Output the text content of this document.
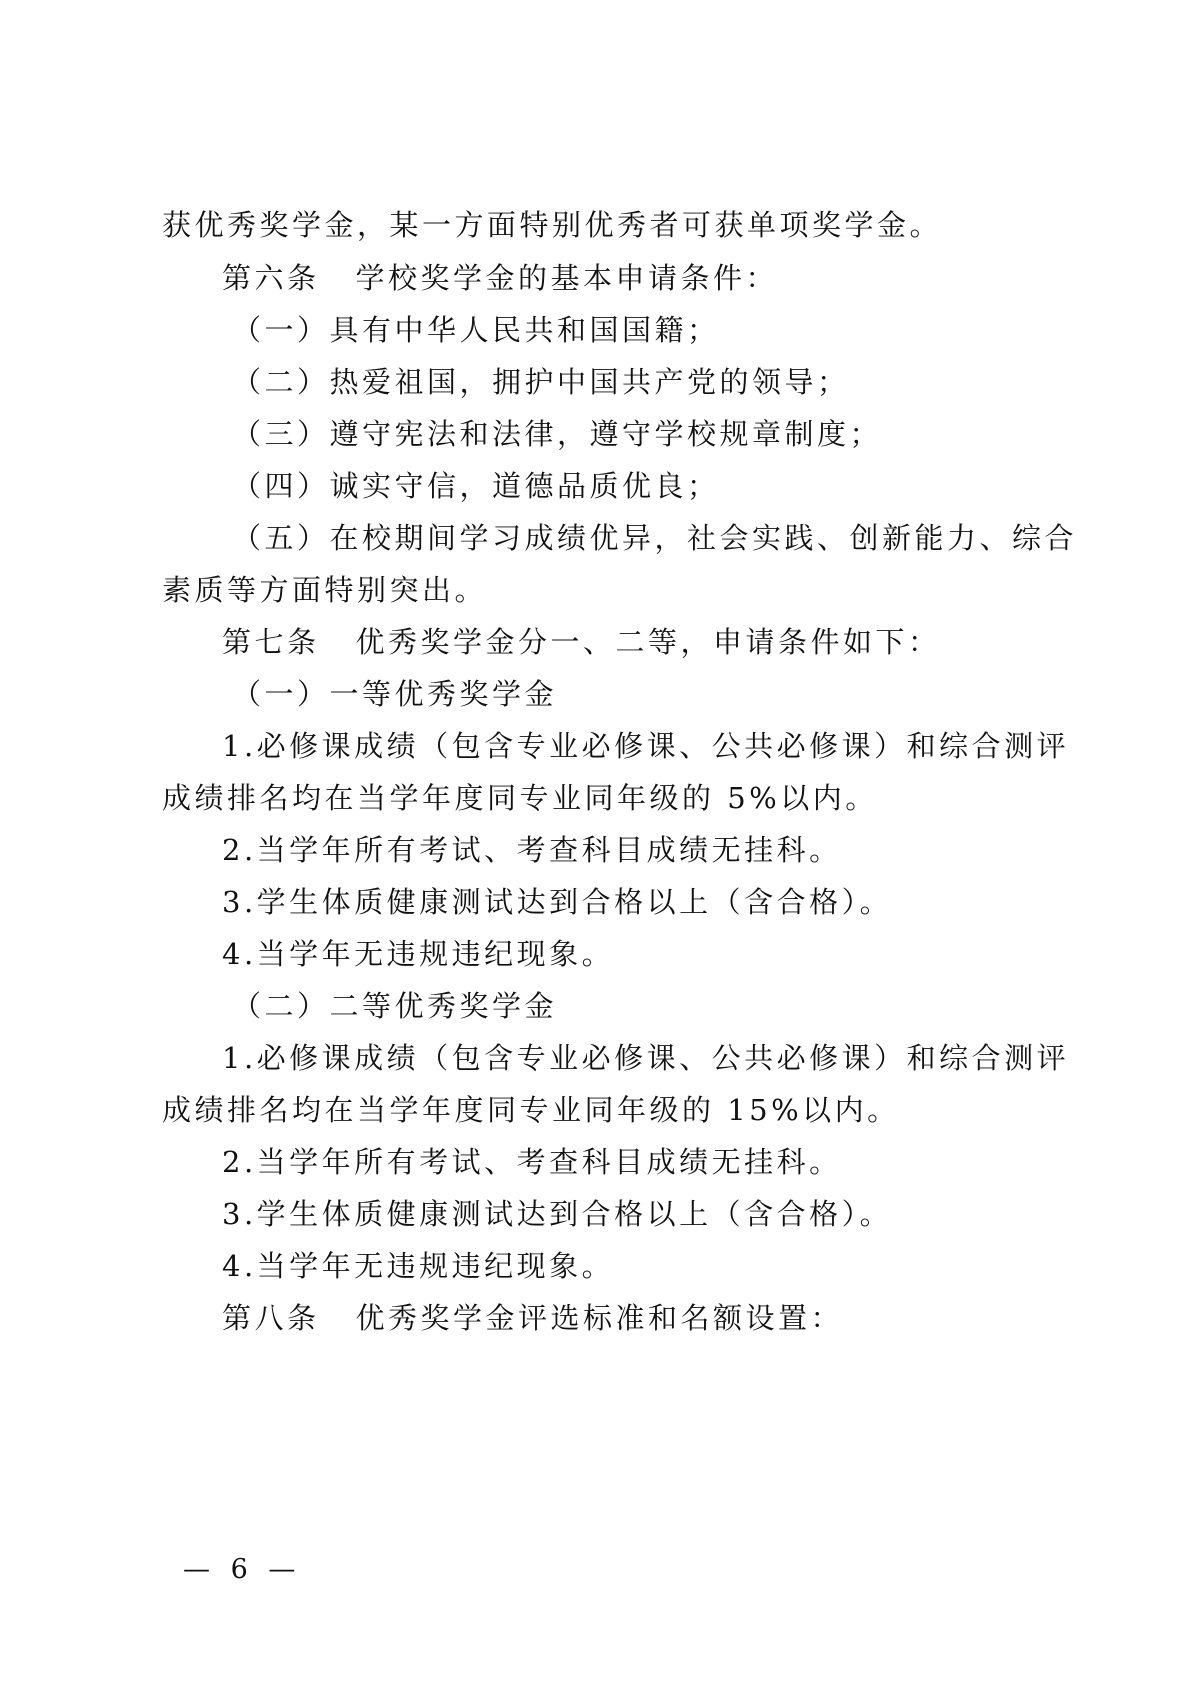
获优秀奖学金，某一方面特别优秀者可获单项奖学金。
第六条 学校奖学金的基本申请条件：
（一）具有中华人民共和国国籍；
（二）热爱祖国，拥护中国共产党的领导；
（三）遵守宪法和法律，遵守学校规章制度；
（四）诚实守信，道德品质优良；
（五）在校期间学习成绩优异，社会实践、创新能力、综合
素质等方面特别突出。
第七条 优秀奖学金分一、二等，申请条件如下：
（一）一等优秀奖学金
1.必修课成绩（包含专业必修课、公共必修课）和综合测评
成绩排名均在当学年度同专业同年级的 5%以内。
2.当学年所有考试、考查科目成绩无挂科。
3.学生体质健康测试达到合格以上（含合格）。
4.当学年无违规违纪现象。
（二）二等优秀奖学金
1.必修课成绩（包含专业必修课、公共必修课）和综合测评
成绩排名均在当学年度同专业同年级的 15%以内。
2.当学年所有考试、考查科目成绩无挂科。
3.学生体质健康测试达到合格以上（含合格）。
4.当学年无违规违纪现象。
第八条 优秀奖学金评选标准和名额设置：
— 6 —
